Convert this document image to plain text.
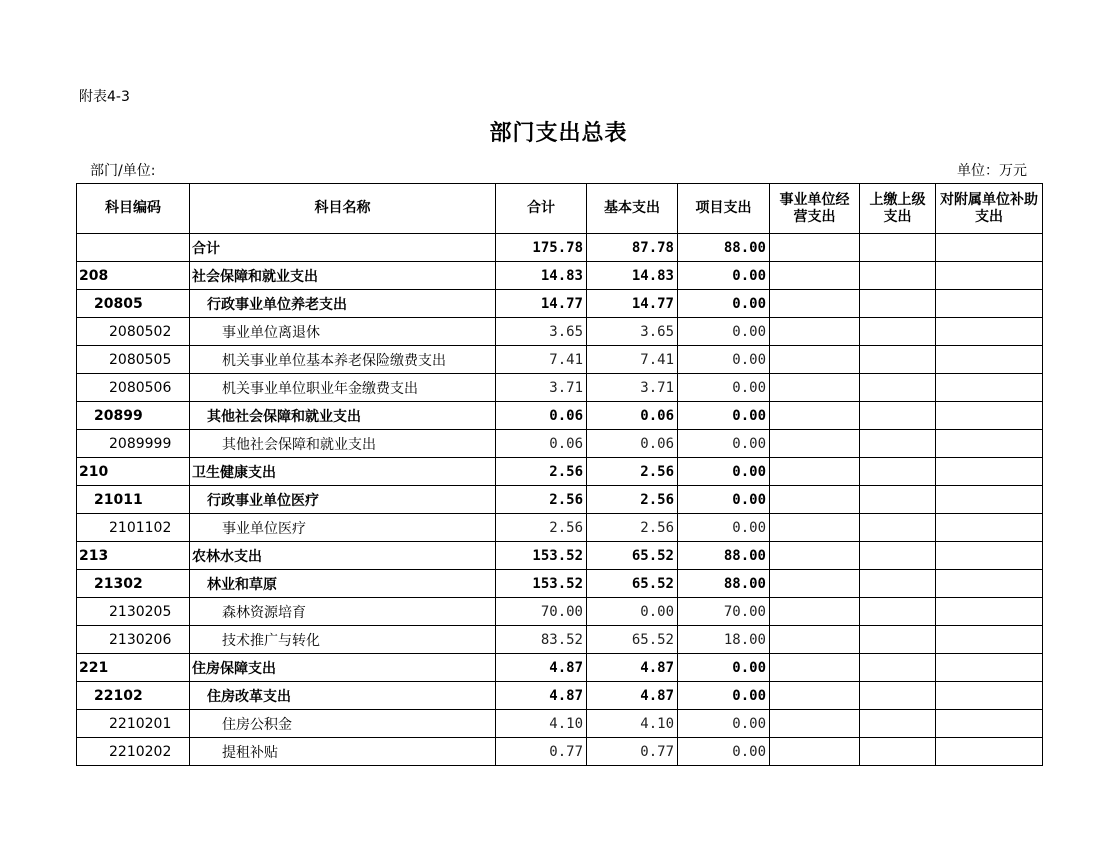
附表4-3
部门支出总表
部门/单位:	单位：万元
科目编码	科目名称	合计	基本支出	项目支出	事业单位经营支出	上缴上级支出	对附属单位补助支出
	合计	175.78	87.78	88.00			
208	社会保障和就业支出	14.83	14.83	0.00			
20805	行政事业单位养老支出	14.77	14.77	0.00			
2080502	事业单位离退休	3.65	3.65	0.00			
2080505	机关事业单位基本养老保险缴费支出	7.41	7.41	0.00			
2080506	机关事业单位职业年金缴费支出	3.71	3.71	0.00			
20899	其他社会保障和就业支出	0.06	0.06	0.00			
2089999	其他社会保障和就业支出	0.06	0.06	0.00			
210	卫生健康支出	2.56	2.56	0.00			
21011	行政事业单位医疗	2.56	2.56	0.00			
2101102	事业单位医疗	2.56	2.56	0.00			
213	农林水支出	153.52	65.52	88.00			
21302	林业和草原	153.52	65.52	88.00			
2130205	森林资源培育	70.00	0.00	70.00			
2130206	技术推广与转化	83.52	65.52	18.00			
221	住房保障支出	4.87	4.87	0.00			
22102	住房改革支出	4.87	4.87	0.00			
2210201	住房公积金	4.10	4.10	0.00			
2210202	提租补贴	0.77	0.77	0.00			
